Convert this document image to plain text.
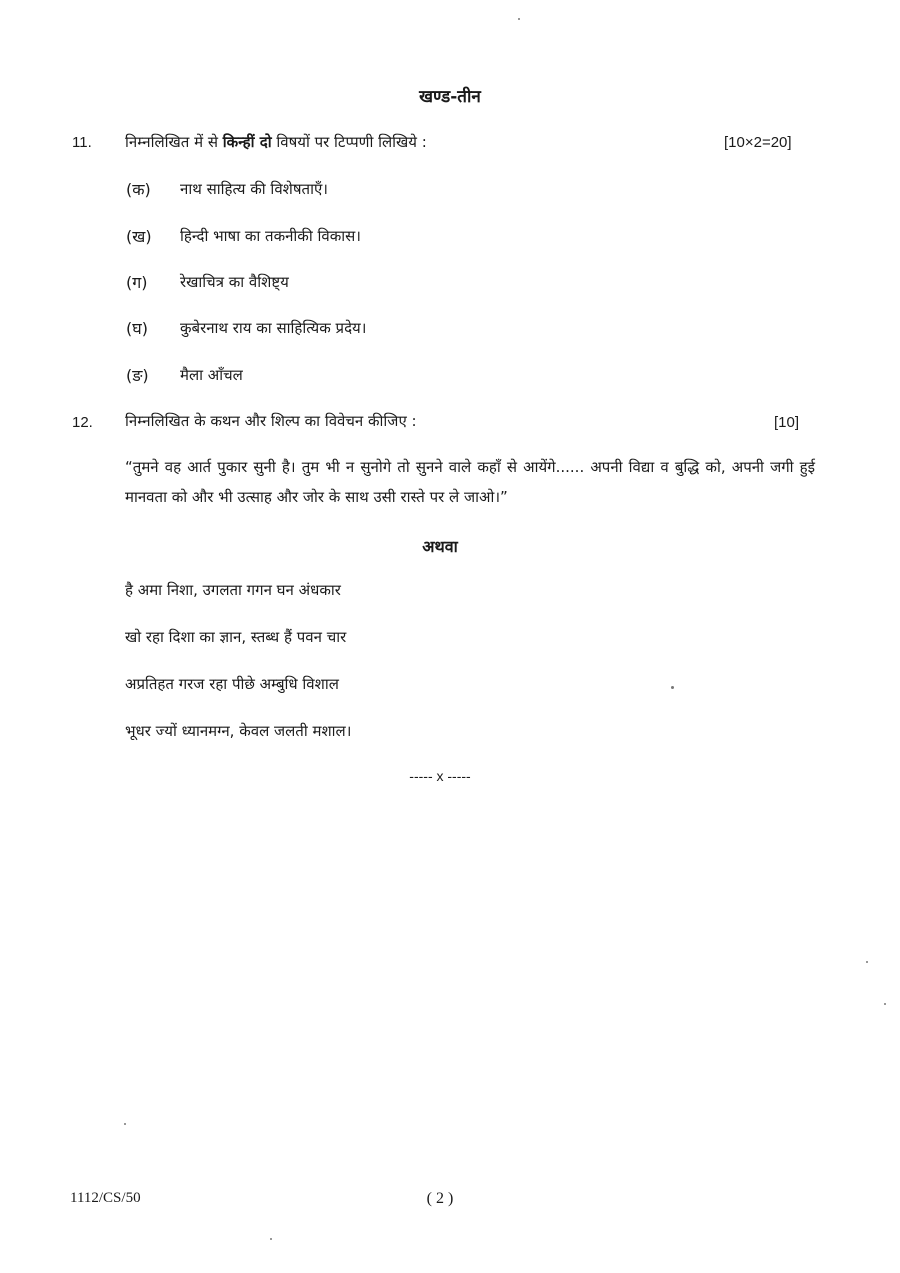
खण्ड-तीन
11. निम्नलिखित में से किन्हीं दो विषयों पर टिप्पणी लिखिये :	[10×2=20]
(क) नाथ साहित्य की विशेषताएँ।
(ख) हिन्दी भाषा का तकनीकी विकास।
(ग) रेखाचित्र का वैशिष्ट्य
(घ) कुबेरनाथ राय का साहित्यिक प्रदेय।
(ङ) मैला आँचल
12. निम्नलिखित के कथन और शिल्प का विवेचन कीजिए :	[10]
“तुमने वह आर्त पुकार सुनी है। तुम भी न सुनोगे तो सुनने वाले कहाँ से आयेंगे...... अपनी विद्या व बुद्धि को, अपनी जगी हुई मानवता को और भी उत्साह और जोर के साथ उसी रास्ते पर ले जाओ।”
अथवा
है अमा निशा, उगलता गगन घन अंधकार
खो रहा दिशा का ज्ञान, स्तब्ध हैं पवन चार
अप्रतिहत गरज रहा पीछे अम्बुधि विशाल
भूधर ज्यों ध्यानमग्न, केवल जलती मशाल।
----- x -----
1112/CS/50	( 2 )
